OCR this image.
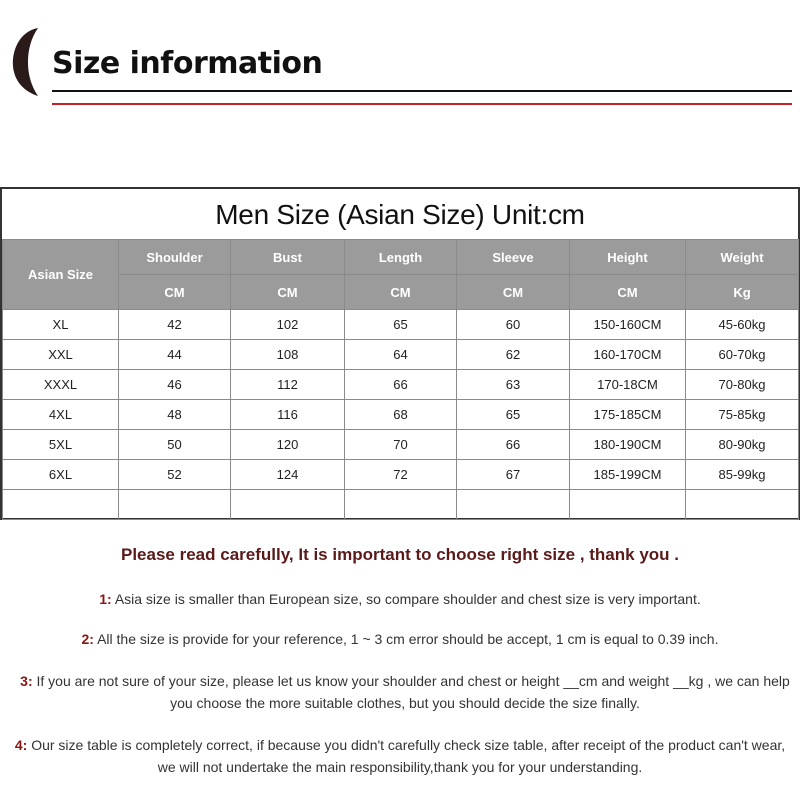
Size information
Men Size (Asian Size) Unit:cm
Asian Size	Shoulder	Bust	Length	Sleeve	Height	Weight
	CM	CM	CM	CM	CM	Kg
XL	42	102	65	60	150-160CM	45-60kg
XXL	44	108	64	62	160-170CM	60-70kg
XXXL	46	112	66	63	170-18CM	70-80kg
4XL	48	116	68	65	175-185CM	75-85kg
5XL	50	120	70	66	180-190CM	80-90kg
6XL	52	124	72	67	185-199CM	85-99kg

Please read carefully, It is important to choose right size , thank you .
1: Asia size is smaller than European size, so compare shoulder and chest size is very important.
2: All the size is provide for your reference, 1 ~ 3 cm error should be accept, 1 cm is equal to 0.39 inch.
3: If you are not sure of your size, please let us know your shoulder and chest or height __cm and weight __kg , we can help you choose the more suitable clothes, but you should decide the size finally.
4: Our size table is completely correct, if because you didn't carefully check size table, after receipt of the product can't wear, we will not undertake the main responsibility,thank you for your understanding.
